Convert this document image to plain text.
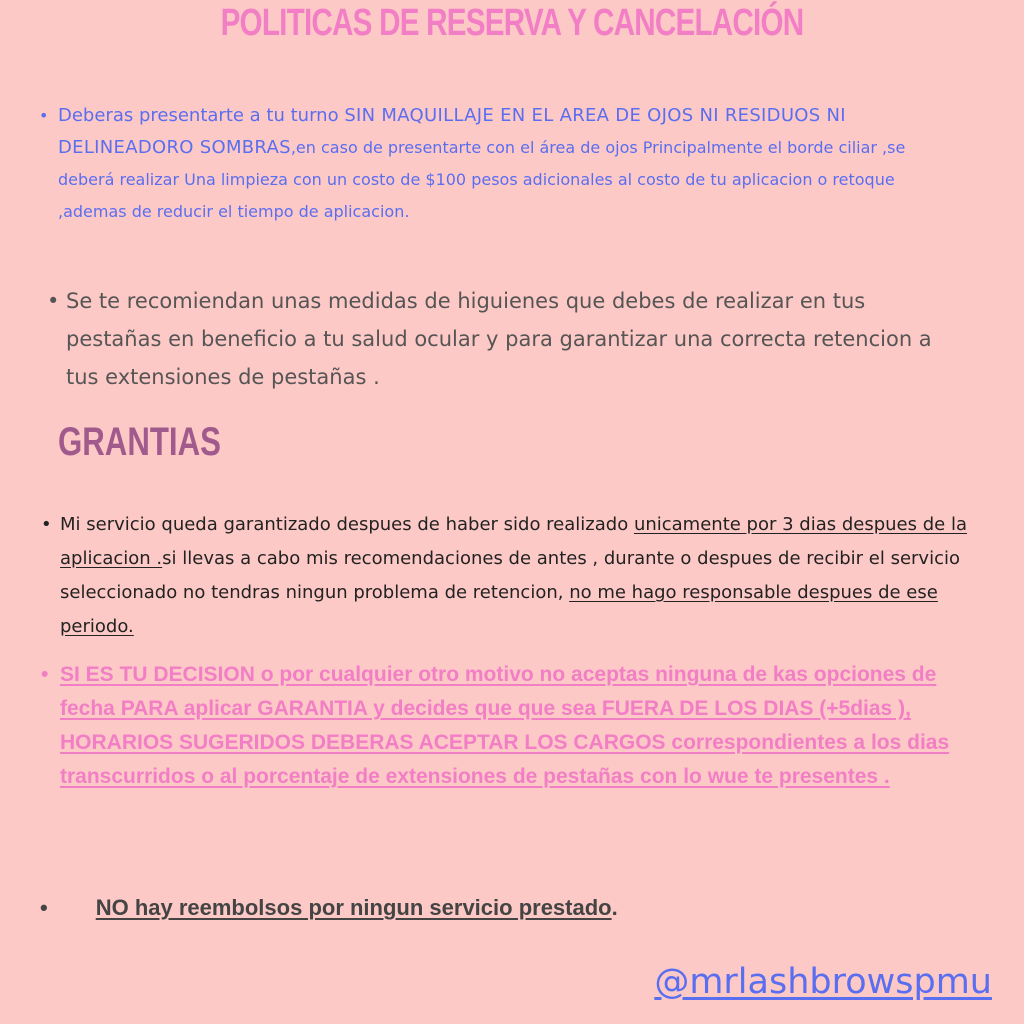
POLITICAS DE RESERVA Y CANCELACIÓN

• Deberas presentarte a tu turno SIN MAQUILLAJE EN EL AREA DE OJOS NI RESIDUOS NI DELINEADORO SOMBRAS,en caso de presentarte con el área de ojos Principalmente el borde ciliar ,se deberá realizar Una limpieza con un costo de $100 pesos adicionales al costo de tu aplicacion o retoque ,ademas de reducir el tiempo de aplicacion.

• Se te recomiendan unas medidas de higuienes que debes de realizar en tus pestañas en beneficio a tu salud ocular y para garantizar una correcta retencion a tus extensiones de pestañas .

GRANTIAS

• Mi servicio queda garantizado despues de haber sido realizado unicamente por 3 dias despues de la aplicacion .si llevas a cabo mis recomendaciones de antes , durante o despues de recibir el servicio seleccionado no tendras ningun problema de retencion, no me hago responsable despues de ese periodo.

• SI ES TU DECISION o por cualquier otro motivo no aceptas ninguna de kas opciones de fecha PARA aplicar GARANTIA y decides que que sea FUERA DE LOS DIAS (+5dias ), HORARIOS SUGERIDOS DEBERAS ACEPTAR LOS CARGOS correspondientes a los dias transcurridos o al porcentaje de extensiones de pestañas con lo wue te presentes .

• NO hay reembolsos por ningun servicio prestado.

@mrlashbrowspmu
